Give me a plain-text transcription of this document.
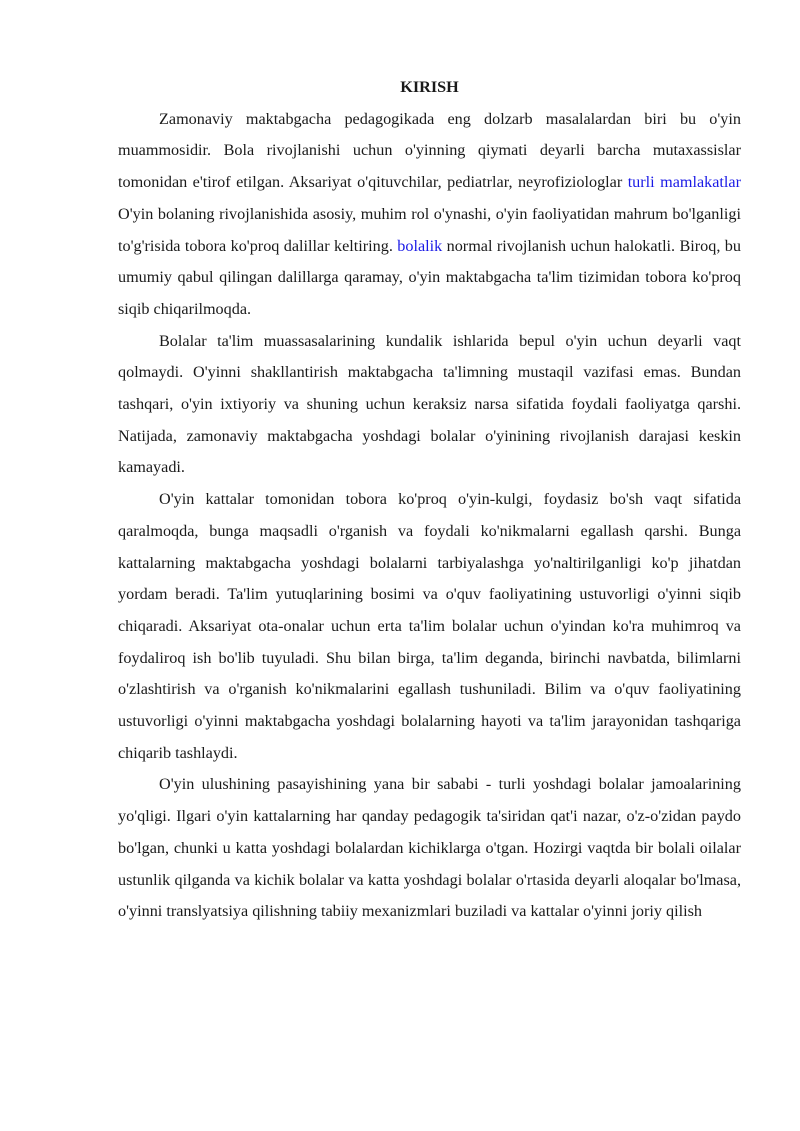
KIRISH

Zamonaviy maktabgacha pedagogikada eng dolzarb masalalardan biri bu o'yin muammosidir. Bola rivojlanishi uchun o'yinning qiymati deyarli barcha mutaxassislar tomonidan e'tirof etilgan. Aksariyat o'qituvchilar, pediatrlar, neyrofiziologlar turli mamlakatlar O'yin bolaning rivojlanishida asosiy, muhim rol o'ynashi, o'yin faoliyatidan mahrum bo'lganligi to'g'risida tobora ko'proq dalillar keltiring. bolalik normal rivojlanish uchun halokatli. Biroq, bu umumiy qabul qilingan dalillarga qaramay, o'yin maktabgacha ta'lim tizimidan tobora ko'proq siqib chiqarilmoqda.

Bolalar ta'lim muassasalarining kundalik ishlarida bepul o'yin uchun deyarli vaqt qolmaydi. O'yinni shakllantirish maktabgacha ta'limning mustaqil vazifasi emas. Bundan tashqari, o'yin ixtiyoriy va shuning uchun keraksiz narsa sifatida foydali faoliyatga qarshi. Natijada, zamonaviy maktabgacha yoshdagi bolalar o'yinining rivojlanish darajasi keskin kamayadi.

O'yin kattalar tomonidan tobora ko'proq o'yin-kulgi, foydasiz bo'sh vaqt sifatida qaralmoqda, bunga maqsadli o'rganish va foydali ko'nikmalarni egallash qarshi. Bunga kattalarning maktabgacha yoshdagi bolalarni tarbiyalashga yo'naltirilganligi ko'p jihatdan yordam beradi. Ta'lim yutuqlarining bosimi va o'quv faoliyatining ustuvorligi o'yinni siqib chiqaradi. Aksariyat ota-onalar uchun erta ta'lim bolalar uchun o'yindan ko'ra muhimroq va foydaliroq ish bo'lib tuyuladi. Shu bilan birga, ta'lim deganda, birinchi navbatda, bilimlarni o'zlashtirish va o'rganish ko'nikmalarini egallash tushuniladi. Bilim va o'quv faoliyatining ustuvorligi o'yinni maktabgacha yoshdagi bolalarning hayoti va ta'lim jarayonidan tashqariga chiqarib tashlaydi.

O'yin ulushining pasayishining yana bir sababi - turli yoshdagi bolalar jamoalarining yo'qligi. Ilgari o'yin kattalarning har qanday pedagogik ta'siridan qat'i nazar, o'z-o'zidan paydo bo'lgan, chunki u katta yoshdagi bolalardan kichiklarga o'tgan. Hozirgi vaqtda bir bolali oilalar ustunlik qilganda va kichik bolalar va katta yoshdagi bolalar o'rtasida deyarli aloqalar bo'lmasa, o'yinni translyatsiya qilishning tabiiy mexanizmlari buziladi va kattalar o'yinni joriy qilish
